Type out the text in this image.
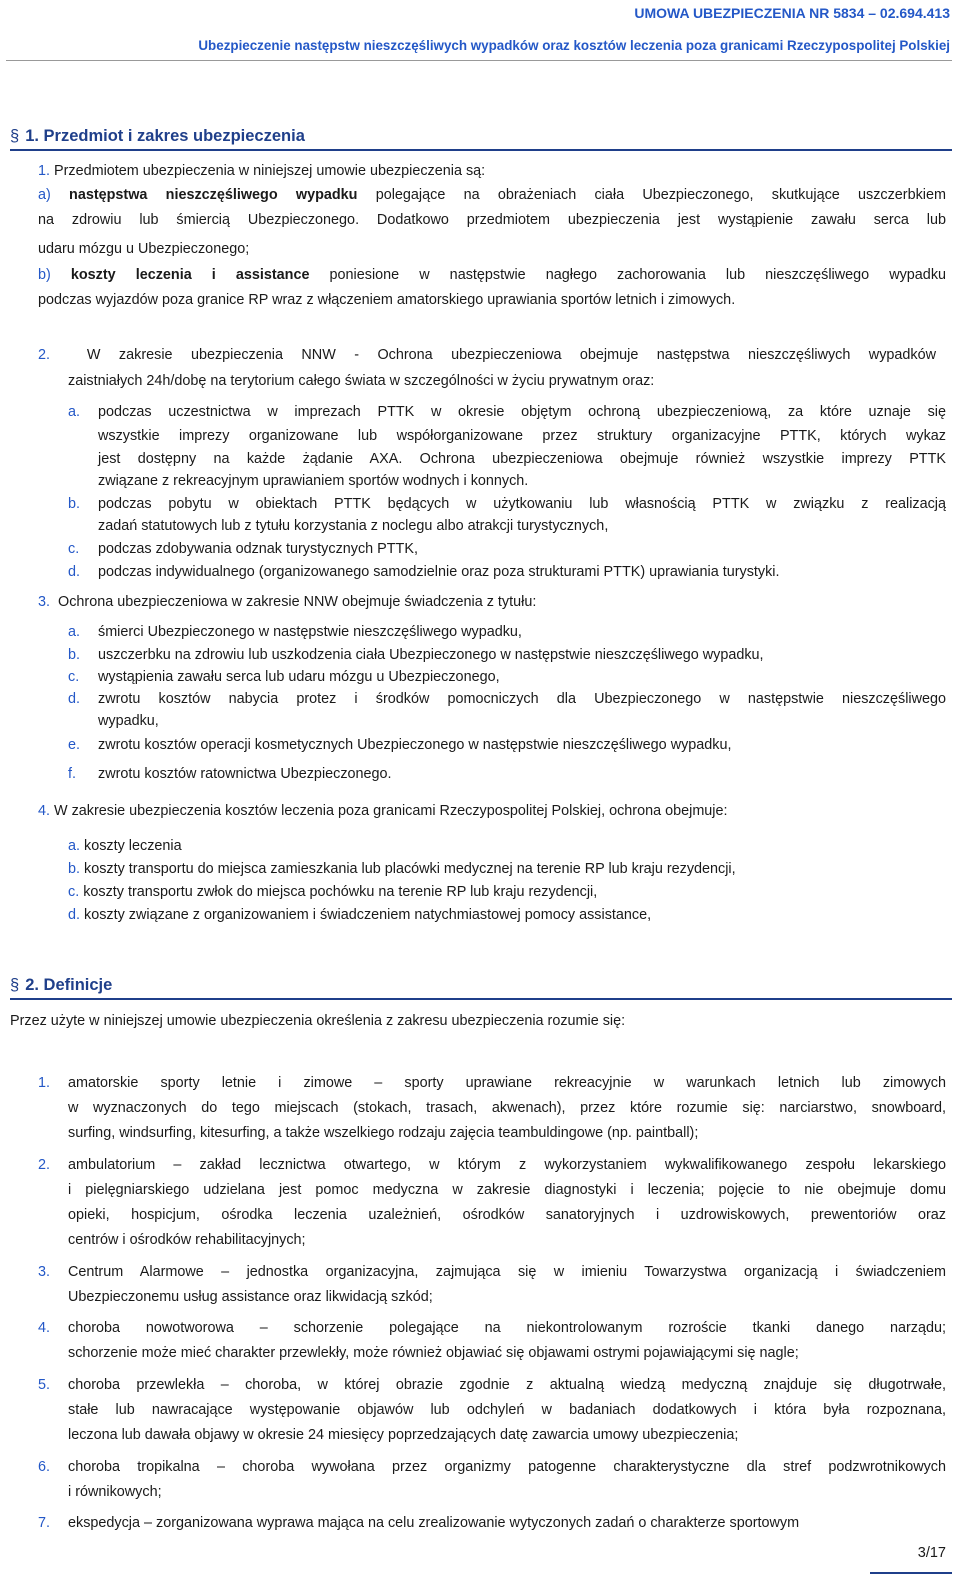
UMOWA UBEZPIECZENIA NR 5834 – 02.694.413
Ubezpieczenie następstw nieszczęśliwych wypadków oraz kosztów leczenia poza granicami Rzeczypospolitej Polskiej
§ 1. Przedmiot i zakres ubezpieczenia
1. Przedmiotem ubezpieczenia w niniejszej umowie ubezpieczenia są:
a) następstwa nieszczęśliwego wypadku polegające na obrażeniach ciała Ubezpieczonego, skutkujące uszczerbkiem
na zdrowiu lub śmiercią Ubezpieczonego. Dodatkowo przedmiotem ubezpieczenia jest wystąpienie zawału serca lub
udaru mózgu u Ubezpieczonego;
b) koszty leczenia i assistance poniesione w następstwie nagłego zachorowania lub nieszczęśliwego wypadku
podczas wyjazdów poza granice RP wraz z włączeniem amatorskiego uprawiania sportów letnich i zimowych.
2.	W zakresie ubezpieczenia NNW - Ochrona ubezpieczeniowa obejmuje następstwa nieszczęśliwych wypadków
zaistniałych 24h/dobę na terytorium całego świata w szczególności w życiu prywatnym oraz:
a. podczas uczestnictwa w imprezach PTTK w okresie objętym ochroną ubezpieczeniową, za które uznaje się
wszystkie imprezy organizowane lub współorganizowane przez struktury organizacyjne PTTK, których wykaz
jest dostępny na każde żądanie AXA. Ochrona ubezpieczeniowa obejmuje również wszystkie imprezy PTTK
związane z rekreacyjnym uprawianiem sportów wodnych i konnych.
b. podczas pobytu w obiektach PTTK będących w użytkowaniu lub własnością PTTK w związku z realizacją
zadań statutowych lub z tytułu korzystania z noclegu albo atrakcji turystycznych,
c. podczas zdobywania odznak turystycznych PTTK,
d. podczas indywidualnego (organizowanego samodzielnie oraz poza strukturami PTTK) uprawiania turystyki.
3. Ochrona ubezpieczeniowa w zakresie NNW obejmuje świadczenia z tytułu:
a. śmierci Ubezpieczonego w następstwie nieszczęśliwego wypadku,
b. uszczerbku na zdrowiu lub uszkodzenia ciała Ubezpieczonego w następstwie nieszczęśliwego wypadku,
c. wystąpienia zawału serca lub udaru mózgu u Ubezpieczonego,
d. zwrotu kosztów nabycia protez i środków pomocniczych dla Ubezpieczonego w następstwie nieszczęśliwego
wypadku,
e. zwrotu kosztów operacji kosmetycznych Ubezpieczonego w następstwie nieszczęśliwego wypadku,
f. zwrotu kosztów ratownictwa Ubezpieczonego.
4. W zakresie ubezpieczenia kosztów leczenia poza granicami Rzeczypospolitej Polskiej, ochrona obejmuje:
a. koszty leczenia
b. koszty transportu do miejsca zamieszkania lub placówki medycznej na terenie RP lub kraju rezydencji,
c. koszty transportu zwłok do miejsca pochówku na terenie RP lub kraju rezydencji,
d. koszty związane z organizowaniem i świadczeniem natychmiastowej pomocy assistance,
§ 2. Definicje
Przez użyte w niniejszej umowie ubezpieczenia określenia z zakresu ubezpieczenia rozumie się:
1. amatorskie sporty letnie i zimowe – sporty uprawiane rekreacyjnie w warunkach letnich lub zimowych
w wyznaczonych do tego miejscach (stokach, trasach, akwenach), przez które rozumie się: narciarstwo, snowboard,
surfing, windsurfing, kitesurfing, a także wszelkiego rodzaju zajęcia teambuldingowe (np. paintball);
2. ambulatorium – zakład lecznictwa otwartego, w którym z wykorzystaniem wykwalifikowanego zespołu lekarskiego
i pielęgniarskiego udzielana jest pomoc medyczna w zakresie diagnostyki i leczenia; pojęcie to nie obejmuje domu
opieki, hospicjum, ośrodka leczenia uzależnień, ośrodków sanatoryjnych i uzdrowiskowych, prewentoriów oraz
centrów i ośrodków rehabilitacyjnych;
3. Centrum Alarmowe – jednostka organizacyjna, zajmująca się w imieniu Towarzystwa organizacją i świadczeniem
Ubezpieczonemu usług assistance oraz likwidacją szkód;
4. choroba nowotworowa – schorzenie polegające na niekontrolowanym rozroście tkanki danego narządu;
schorzenie może mieć charakter przewlekły, może również objawiać się objawami ostrymi pojawiającymi się nagle;
5. choroba przewlekła – choroba, w której obrazie zgodnie z aktualną wiedzą medyczną znajduje się długotrwałe,
stałe lub nawracające występowanie objawów lub odchyleń w badaniach dodatkowych i która była rozpoznana,
leczona lub dawała objawy w okresie 24 miesięcy poprzedzających datę zawarcia umowy ubezpieczenia;
6. choroba tropikalna – choroba wywołana przez organizmy patogenne charakterystyczne dla stref podzwrotnikowych
i równikowych;
7. ekspedycja – zorganizowana wyprawa mająca na celu zrealizowanie wytyczonych zadań o charakterze sportowym
3/17
